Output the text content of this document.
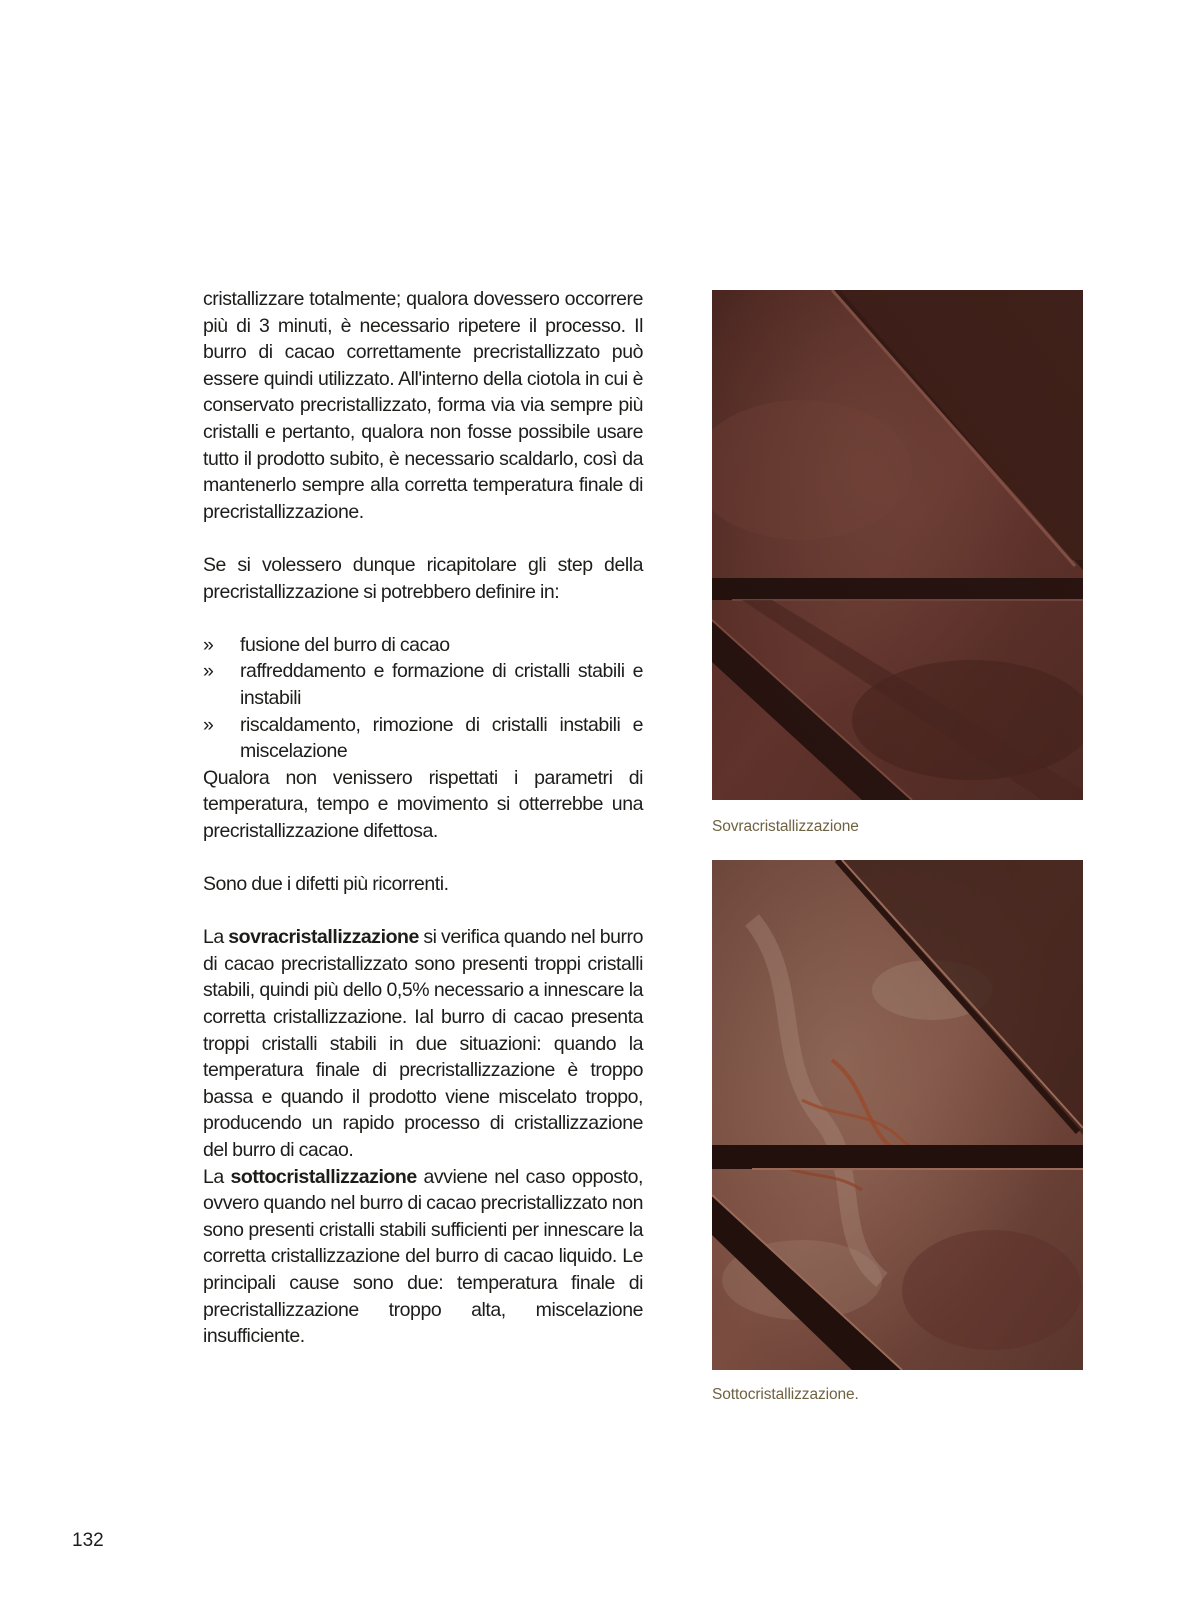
cristallizzare totalmente; qualora dovessero occorrere più di 3 minuti, è necessario ripetere il processo. Il burro di cacao correttamente precristallizzato può essere quindi utilizzato. All'interno della ciotola in cui è conservato precristallizzato, forma via via sempre più cristalli e pertanto, qualora non fosse possibile usare tutto il prodotto subito, è necessario scaldarlo, così da mantenerlo sempre alla corretta temperatura finale di precristallizzazione.

Se si volessero dunque ricapitolare gli step della precristallizzazione si potrebbero definire in:

» fusione del burro di cacao
» raffreddamento e formazione di cristalli stabili e instabili
» riscaldamento, rimozione di cristalli instabili e miscelazione

Qualora non venissero rispettati i parametri di temperatura, tempo e movimento si otterrebbe una precristallizzazione difettosa.

Sono due i difetti più ricorrenti.

La sovracristallizzazione si verifica quando nel burro di cacao precristallizzato sono presenti troppi cristalli stabili, quindi più dello 0,5% necessario a innescare la corretta cristallizzazione. Ial burro di cacao presenta troppi cristalli stabili in due situazioni: quando la temperatura finale di precristallizzazione è troppo bassa e quando il prodotto viene miscelato troppo, producendo un rapido processo di cristallizzazione del burro di cacao.

La sottocristallizzazione avviene nel caso opposto, ovvero quando nel burro di cacao precristallizzato non sono presenti cristalli stabili sufficienti per innescare la corretta cristallizzazione del burro di cacao liquido. Le principali cause sono due: temperatura finale di precristallizzazione troppo alta, miscelazione insufficiente.

Sovracristallizzazione
Sottocristallizzazione.
132
